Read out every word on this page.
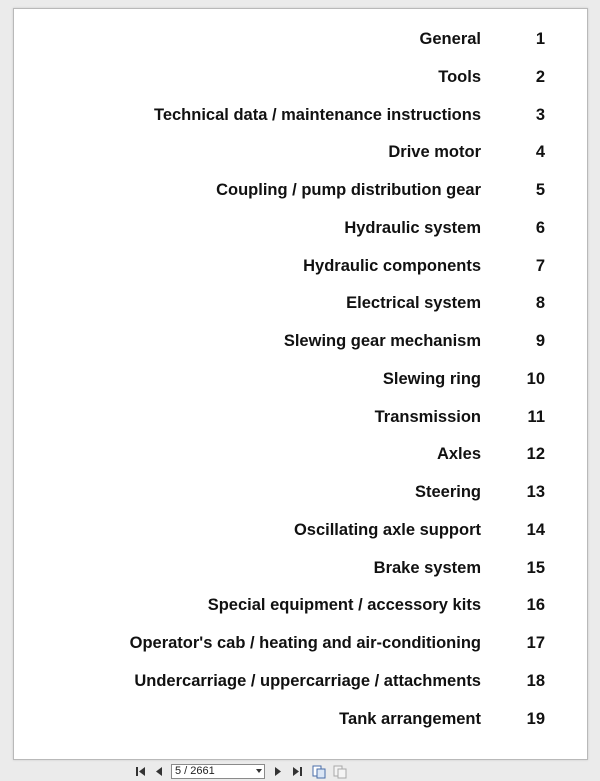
General	1
Tools	2
Technical data / maintenance instructions	3
Drive motor	4
Coupling / pump distribution gear	5
Hydraulic system	6
Hydraulic components	7
Electrical system	8
Slewing gear mechanism	9
Slewing ring	10
Transmission	11
Axles	12
Steering	13
Oscillating axle support	14
Brake system	15
Special equipment / accessory kits	16
Operator's cab / heating and air-conditioning	17
Undercarriage / uppercarriage / attachments	18
Tank arrangement	19
5 / 2661
